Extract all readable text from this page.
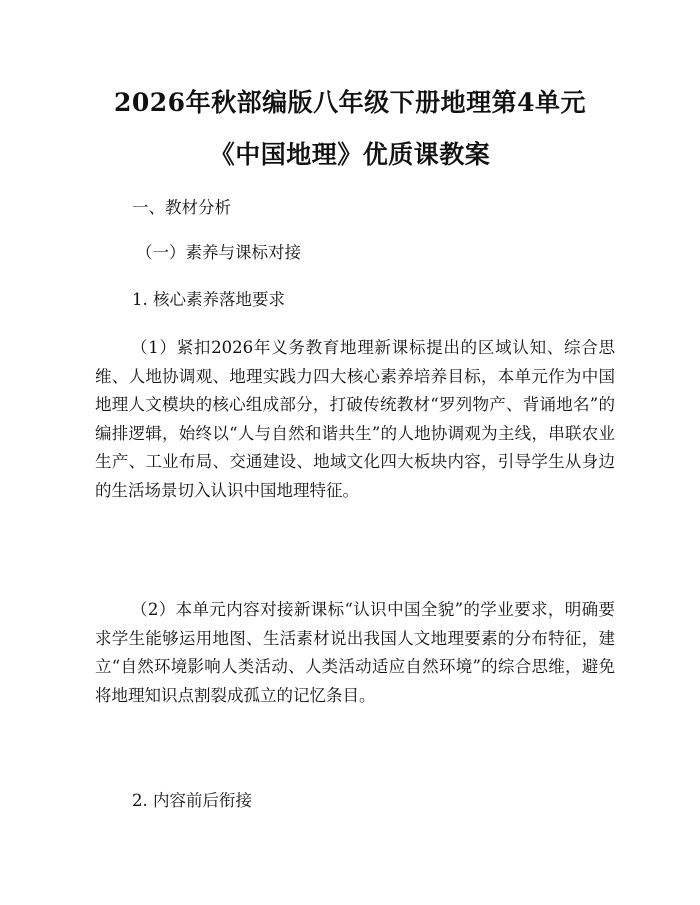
2026年秋部编版八年级下册地理第4单元
《中国地理》优质课教案
一、教材分析
（一）素养与课标对接
1. 核心素养落地要求
（1）紧扣2026年义务教育地理新课标提出的区域认知、综合思维、人地协调观、地理实践力四大核心素养培养目标，本单元作为中国地理人文模块的核心组成部分，打破传统教材“罗列物产、背诵地名”的编排逻辑，始终以“人与自然和谐共生”的人地协调观为主线，串联农业生产、工业布局、交通建设、地域文化四大板块内容，引导学生从身边的生活场景切入认识中国地理特征。
（2）本单元内容对接新课标“认识中国全貌”的学业要求，明确要求学生能够运用地图、生活素材说出我国人文地理要素的分布特征，建立“自然环境影响人类活动、人类活动适应自然环境”的综合思维，避免将地理知识点割裂成孤立的记忆条目。
2. 内容前后衔接
